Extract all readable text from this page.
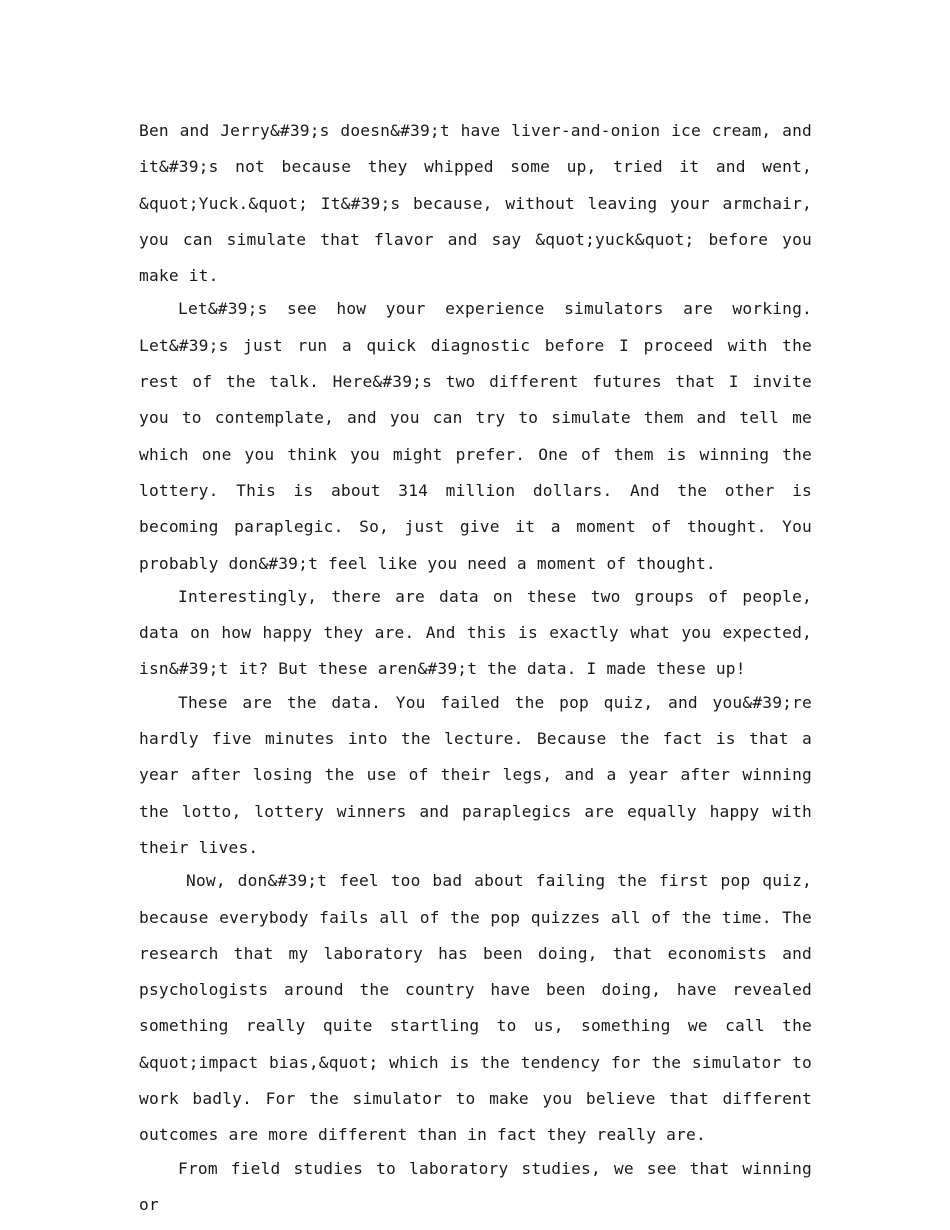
Ben and Jerry&#39;s doesn&#39;t have liver-and-onion ice cream, and it&#39;s not because they whipped some up, tried it and went, &quot;Yuck.&quot; It&#39;s because, without leaving your armchair, you can simulate that flavor and say &quot;yuck&quot; before you make it.

Let&#39;s see how your experience simulators are working. Let&#39;s just run a quick diagnostic before I proceed with the rest of the talk. Here&#39;s two different futures that I invite you to contemplate, and you can try to simulate them and tell me which one you think you might prefer. One of them is winning the lottery. This is about 314 million dollars. And the other is becoming paraplegic. So, just give it a moment of thought. You probably don&#39;t feel like you need a moment of thought.

Interestingly, there are data on these two groups of people, data on how happy they are. And this is exactly what you expected, isn&#39;t it? But these aren&#39;t the data. I made these up!

These are the data. You failed the pop quiz, and you&#39;re hardly five minutes into the lecture. Because the fact is that a year after losing the use of their legs, and a year after winning the lotto, lottery winners and paraplegics are equally happy with their lives.

Now, don&#39;t feel too bad about failing the first pop quiz, because everybody fails all of the pop quizzes all of the time. The research that my laboratory has been doing, that economists and psychologists around the country have been doing, have revealed something really quite startling to us, something we call the &quot;impact bias,&quot; which is the tendency for the simulator to work badly. For the simulator to make you believe that different outcomes are more different than in fact they really are.

From field studies to laboratory studies, we see that winning or
